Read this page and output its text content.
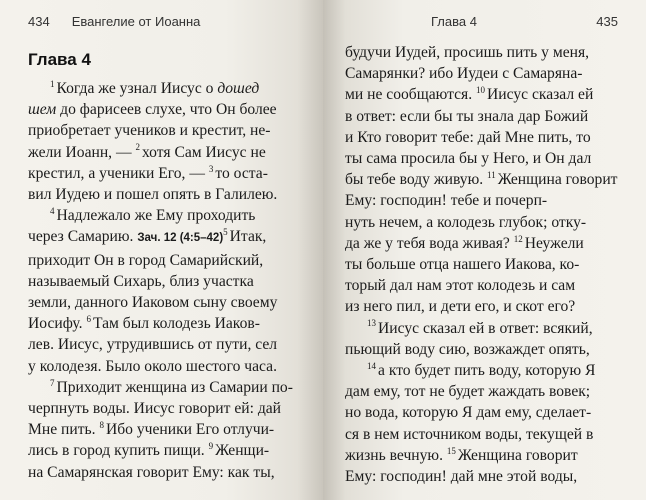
434	Евангелие от Иоанна
Глава 4
$^1$ Когда же узнал Иисус о дошед
шем до фарисеев слухе, что Он более
приобретает учеников и крестит, не-
жели Иоанн, — $^2$ хотя Сам Иисус не
крестил, а ученики Его, — $^3$ то оста-
вил Иудею и пошел опять в Галилею.
$^4$ Надлежало же Ему проходить
через Самарию. Зач. 12 (4:5–42)$^5$ Итак,
приходит Он в город Самарийский,
называемый Сихарь, близ участка
земли, данного Иаковом сыну своему
Иосифу. $^6$ Там был колодезь Иаков-
лев. Иисус, утрудившись от пути, сел
у колодезя. Было около шестого часа.
$^7$ Приходит женщина из Самарии по-
черпнуть воды. Иисус говорит ей: дай
Мне пить. $^8$ Ибо ученики Его отлучи-
лись в город купить пищи. $^9$ Женщи-
на Самарянская говорит Ему: как ты,
Глава 4	435
будучи Иудей, просишь пить у меня,
Самарянки? ибо Иудеи с Самаряна-
ми не сообщаются. $^{10}$ Иисус сказал ей
в ответ: если бы ты знала дар Божий
и Кто говорит тебе: дай Мне пить, то
ты сама просила бы у Него, и Он дал
бы тебе воду живую. $^{11}$ Женщина говорит
Ему: господин! тебе и почерп-
нуть нечем, а колодезь глубок; отку-
да же у тебя вода живая? $^{12}$ Неужели
ты больше отца нашего Иакова, ко-
торый дал нам этот колодезь и сам
из него пил, и дети его, и скот его?
$^{13}$ Иисус сказал ей в ответ: всякий,
пьющий воду сию, возжаждет опять,
$^{14}$ а кто будет пить воду, которую Я
дам ему, тот не будет жаждать вовек;
но вода, которую Я дам ему, сделает-
ся в нем источником воды, текущей в
жизнь вечную. $^{15}$ Женщина говорит
Ему: господин! дай мне этой воды,
